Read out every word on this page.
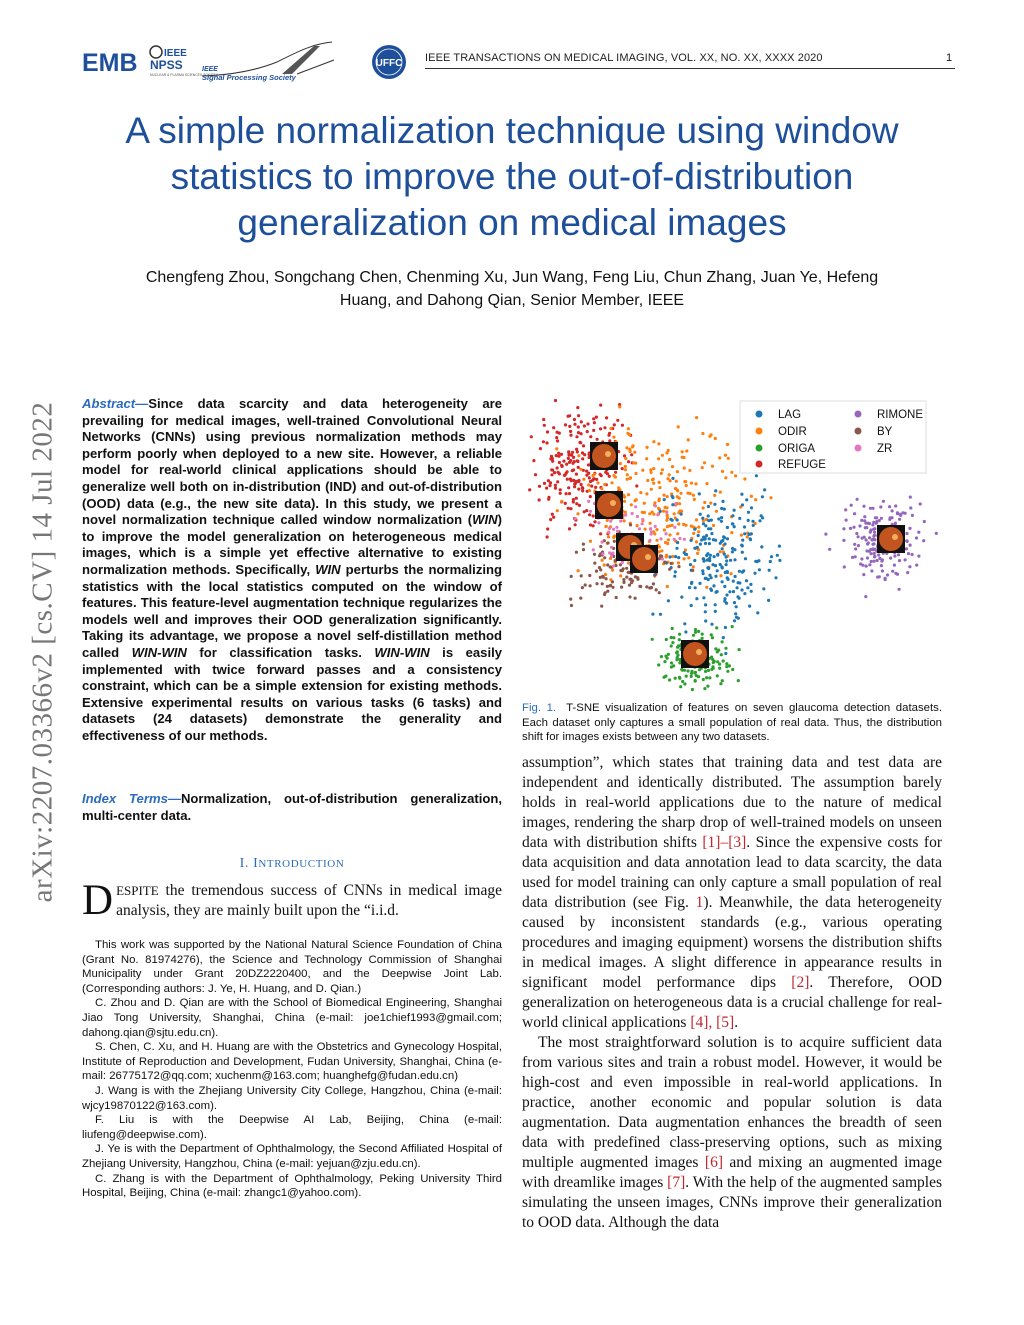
EMB	IEEE
NPSS
NUCLEAR & PLASMA SCIENCES SOCIETY
IEEE
Signal Processing Society
UFFC IEEE TRANSACTIONS ON MEDICAL IMAGING, VOL. XX, NO. XX, XXXX 2020	1
A simple normalization technique using window
statistics to improve the out-of-distribution
generalization on medical images
Chengfeng Zhou, Songchang Chen, Chenming Xu, Jun Wang, Feng Liu, Chun Zhang, Juan Ye, Hefeng
Huang, and Dahong Qian, Senior Member, IEEE
arXiv:2207.03366v2 [cs.CV] 14 Jul 2022 Abstract—Since data scarcity and data heterogeneity are prevailing for medical images, well-trained Convolutional Neural Networks (CNNs) using previous normalization methods may perform poorly when deployed to a new site. However, a reliable model for real-world clinical applications should be able to generalize well both on in-distribution (IND) and out-of-distribution (OOD) data (e.g., the new site data). In this study, we present a novel normalization technique called window normalization (WIN) to improve the model generalization on heterogeneous medical images, which is a simple yet effective alternative to existing normalization methods. Specifically, WIN perturbs the normalizing statistics with the local statistics computed on the window of features. This feature-level augmentation technique regularizes the models well and improves their OOD generalization significantly. Taking its advantage, we propose a novel self-distillation method called WIN-WIN for classification tasks. WIN-WIN is easily implemented with twice forward passes and a consistency constraint, which can be a simple extension for existing methods. Extensive experimental results on various tasks (6 tasks) and datasets (24 datasets) demonstrate the generality and effectiveness of our methods.
Index Terms—Normalization, out-of-distribution generalization, multi-center data.
I. INTRODUCTION
DESPITE the tremendous success of CNNs in medical image analysis, they are mainly built upon the “i.i.d.

This work was supported by the National Natural Science Foundation of China (Grant No. 81974276), the Science and Technology Commission of Shanghai Municipality under Grant 20DZ2220400, and the Deepwise Joint Lab. (Corresponding authors: J. Ye, H. Huang, and D. Qian.)

C. Zhou and D. Qian are with the School of Biomedical Engineering, Shanghai Jiao Tong University, Shanghai, China (e-mail: joe1chief1993@gmail.com; dahong.qian@sjtu.edu.cn).

S. Chen, C. Xu, and H. Huang are with the Obstetrics and Gynecology Hospital, Institute of Reproduction and Development, Fudan University, Shanghai, China (e-mail: 26775172@qq.com; xuchenm@163.com; huanghefg@fudan.edu.cn)

J. Wang is with the Zhejiang University City College, Hangzhou, China (e-mail: wjcy19870122@163.com).

F. Liu is with the Deepwise AI Lab, Beijing, China (e-mail: liufeng@deepwise.com).

J. Ye is with the Department of Ophthalmology, the Second Affiliated Hospital of Zhejiang University, Hangzhou, China (e-mail: yejuan@zju.edu.cn).

C. Zhang is with the Department of Ophthalmology, Peking University Third Hospital, Beijing, China (e-mail: zhangc1@yahoo.com).

LAG
ODIR
ORIGA
REFUGE
RIMONE
BY
ZR
Fig. 1. T-SNE visualization of features on seven glaucoma detection datasets. Each dataset only captures a small population of real data. Thus, the distribution shift for images exists between any two datasets.

assumption”, which states that training data and test data are independent and identically distributed. The assumption barely holds in real-world applications due to the nature of medical images, rendering the sharp drop of well-trained models on unseen data with distribution shifts [1]–[3]. Since the expensive costs for data acquisition and data annotation lead to data scarcity, the data used for model training can only capture a small population of real data distribution (see Fig. 1). Meanwhile, the data heterogeneity caused by inconsistent standards (e.g., various operating procedures and imaging equipment) worsens the distribution shifts in medical images. A slight difference in appearance results in significant model performance dips [2]. Therefore, OOD generalization on heterogeneous data is a crucial challenge for real-world clinical applications [4], [5].

The most straightforward solution is to acquire sufficient data from various sites and train a robust model. However, it would be high-cost and even impossible in real-world applications. In practice, another economic and popular solution is data augmentation. Data augmentation enhances the breadth of seen data with predefined class-preserving options, such as mixing multiple augmented images [6] and mixing an augmented image with dreamlike images [7]. With the help of the augmented samples simulating the unseen images, CNNs improve their generalization to OOD data. Although the data
